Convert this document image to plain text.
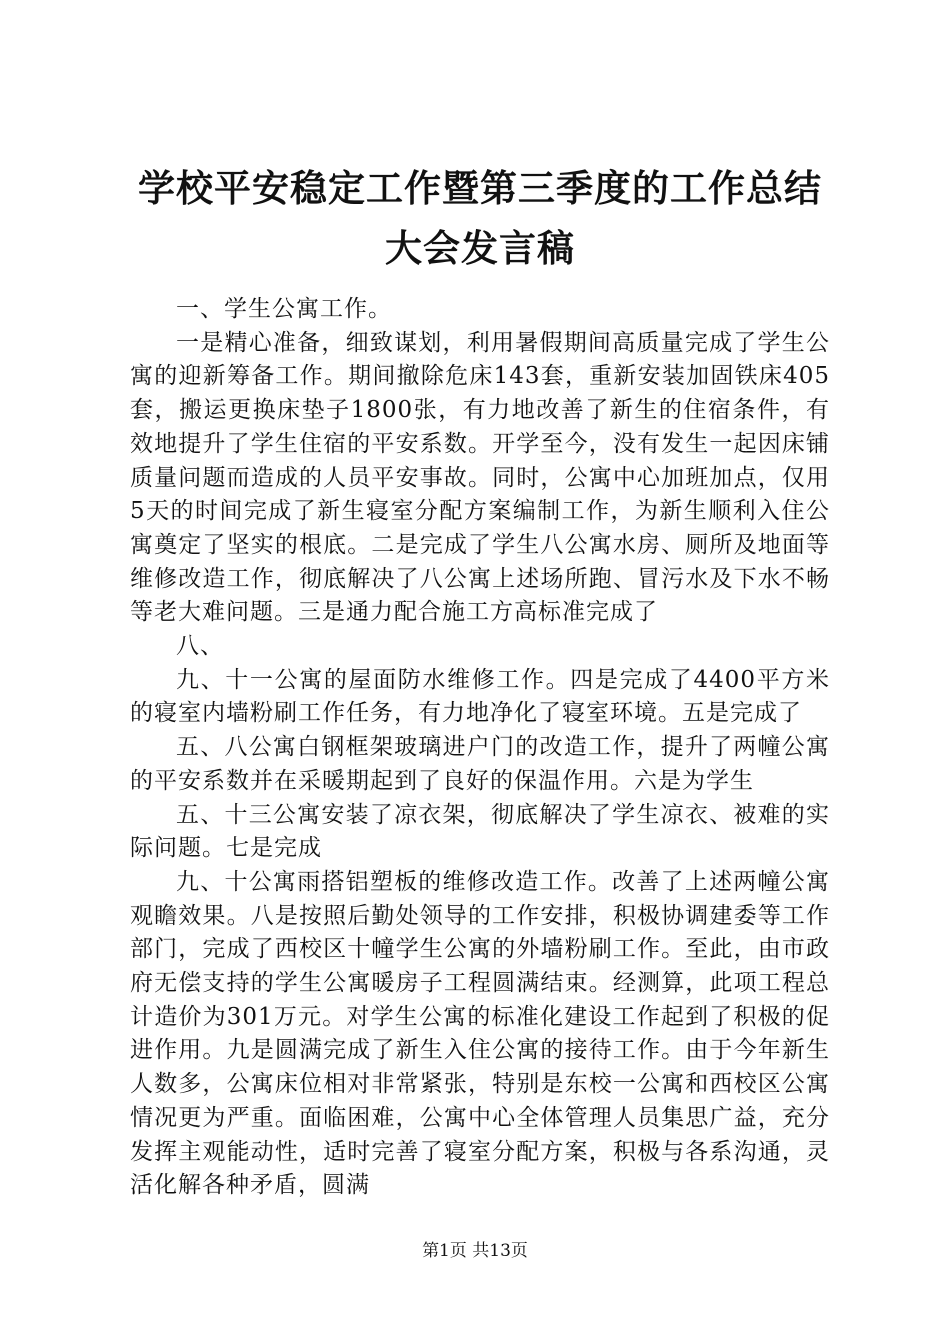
学校平安稳定工作暨第三季度的工作总结大会发言稿

一、学生公寓工作。

一是精心准备，细致谋划，利用暑假期间高质量完成了学生公寓的迎新筹备工作。期间撤除危床143套，重新安装加固铁床405套，搬运更换床垫子1800张，有力地改善了新生的住宿条件，有效地提升了学生住宿的平安系数。开学至今，没有发生一起因床铺质量问题而造成的人员平安事故。同时，公寓中心加班加点，仅用5天的时间完成了新生寝室分配方案编制工作，为新生顺利入住公寓奠定了坚实的根底。二是完成了学生八公寓水房、厕所及地面等维修改造工作，彻底解决了八公寓上述场所跑、冒污水及下水不畅等老大难问题。三是通力配合施工方高标准完成了

八、

九、十一公寓的屋面防水维修工作。四是完成了4400平方米的寝室内墙粉刷工作任务，有力地净化了寝室环境。五是完成了

五、八公寓白钢框架玻璃进户门的改造工作，提升了两幢公寓的平安系数并在采暖期起到了良好的保温作用。六是为学生

五、十三公寓安装了凉衣架，彻底解决了学生凉衣、被难的实际问题。七是完成

九、十公寓雨搭铝塑板的维修改造工作。改善了上述两幢公寓观瞻效果。八是按照后勤处领导的工作安排，积极协调建委等工作部门，完成了西校区十幢学生公寓的外墙粉刷工作。至此，由市政府无偿支持的学生公寓暖房子工程圆满结束。经测算，此项工程总计造价为301万元。对学生公寓的标准化建设工作起到了积极的促进作用。九是圆满完成了新生入住公寓的接待工作。由于今年新生人数多，公寓床位相对非常紧张，特别是东校一公寓和西校区公寓情况更为严重。面临困难，公寓中心全体管理人员集思广益，充分发挥主观能动性，适时完善了寝室分配方案，积极与各系沟通，灵活化解各种矛盾，圆满

第1页 共13页
